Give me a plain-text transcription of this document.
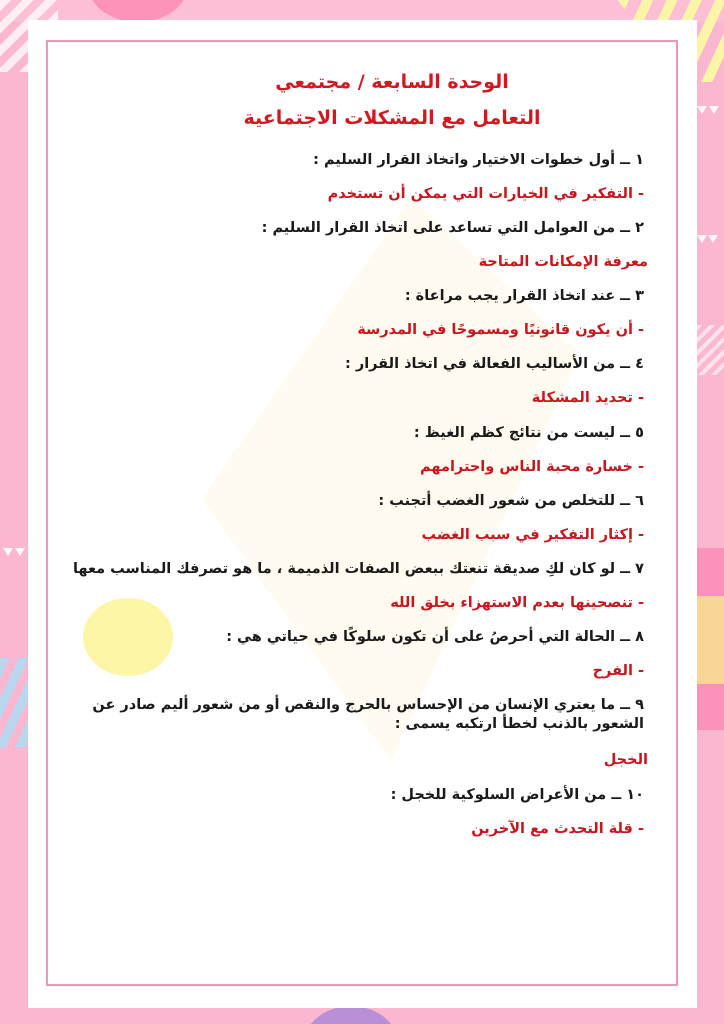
الوحدة السابعة / مجتمعي
التعامل مع المشكلات الاجتماعية
١ ــ أول خطوات الاختيار واتخاذ القرار السليم :
- التفكير في الخيارات التي يمكن أن تستخدم
٢ ــ من العوامل التي تساعد على اتخاذ القرار السليم :
معرفة الإمكانات المتاحة
٣ ــ عند اتخاذ القرار يجب مراعاة :
- أن يكون قانونيًا ومسموحًا في المدرسة
٤ ــ من الأساليب الفعالة في اتخاذ القرار :
- تحديد المشكلة
٥ ــ ليست من نتائج كظم الغيظ :
- خسارة محبة الناس واحترامهم
٦ ــ للتخلص من شعور الغضب أتجنب :
- إكثار التفكير في سبب الغضب
٧ ــ لو كان لكِ صديقة تنعتك ببعض الصفات الذميمة ، ما هو تصرفك المناسب معها
- تنصحينها بعدم الاستهزاء بخلق الله
٨ ــ الحالة التي أحرصُ على أن تكون سلوكًا في حياتي هي :
- الفرح
٩ ــ ما يعتري الإنسان من الإحساس بالحرج والنقص أو من شعور أليم صادر عن الشعور بالذنب لخطأ ارتكبه يسمى :
الخجل
١٠ ــ من الأعراض السلوكية للخجل :
- قلة التحدث مع الآخرين
